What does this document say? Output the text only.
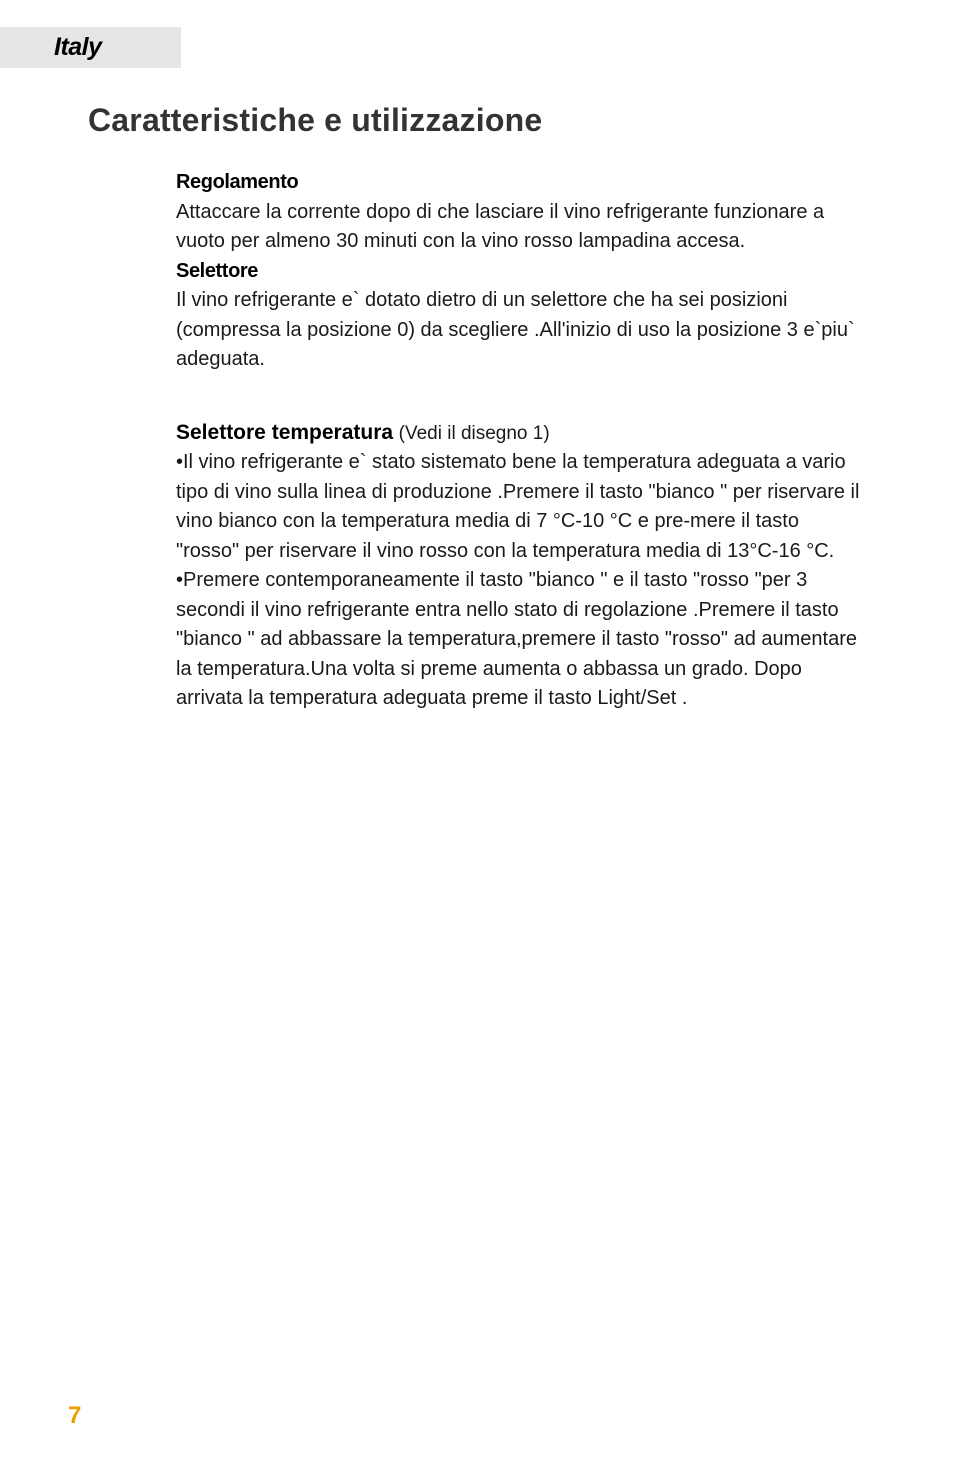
Italy
Caratteristiche e utilizzazione
Regolamento

Attaccare la corrente dopo di che lasciare il vino refrigerante funzionare a vuoto per almeno 30 minuti con la vino rosso lampadina accesa.

Selettore

Il vino refrigerante e` dotato dietro di un selettore che ha sei posizioni (compressa la posizione 0) da scegliere .All'inizio di uso la posizione 3 e`piu` adeguata.

Selettore temperatura (Vedi il disegno 1)

•Il vino refrigerante e` stato sistemato bene la temperatura adeguata a vario tipo di vino sulla linea di produzione .Premere il tasto "bianco " per riservare il vino bianco con la temperatura media di 7 °C-10 °C e pre-mere il tasto "rosso" per riservare il vino rosso con la temperatura media di 13°C-16 °C.

•Premere contemporaneamente il tasto "bianco " e il tasto "rosso "per 3 secondi il vino refrigerante entra nello stato di regolazione .Premere il tasto "bianco " ad abbassare la temperatura,premere il tasto "rosso" ad aumentare la temperatura.Una volta si preme aumenta o abbassa un grado. Dopo arrivata la temperatura adeguata preme il tasto Light/Set .

7
